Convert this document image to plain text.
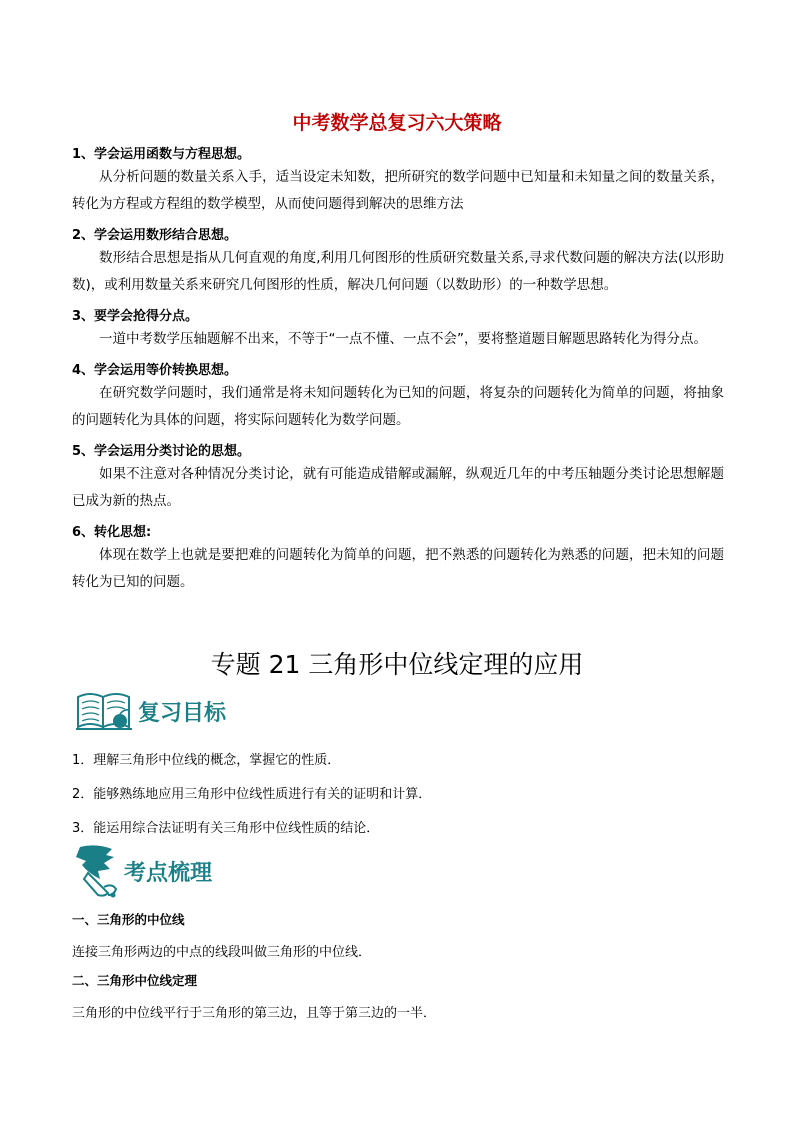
中考数学总复习六大策略
1、学会运用函数与方程思想。
从分析问题的数量关系入手，适当设定未知数，把所研究的数学问题中已知量和未知量之间的数量关系，转化为方程或方程组的数学模型，从而使问题得到解决的思维方法
2、学会运用数形结合思想。
数形结合思想是指从几何直观的角度,利用几何图形的性质研究数量关系,寻求代数问题的解决方法(以形助数)，或利用数量关系来研究几何图形的性质，解决几何问题（以数助形）的一种数学思想。
3、要学会抢得分点。
一道中考数学压轴题解不出来，不等于“一点不懂、一点不会”，要将整道题目解题思路转化为得分点。
4、学会运用等价转换思想。
在研究数学问题时，我们通常是将未知问题转化为已知的问题，将复杂的问题转化为简单的问题，将抽象的问题转化为具体的问题，将实际问题转化为数学问题。
5、学会运用分类讨论的思想。
如果不注意对各种情况分类讨论，就有可能造成错解或漏解，纵观近几年的中考压轴题分类讨论思想解题已成为新的热点。
6、转化思想:
体现在数学上也就是要把难的问题转化为简单的问题，把不熟悉的问题转化为熟悉的问题，把未知的问题转化为已知的问题。
专题 21 三角形中位线定理的应用
复习目标
1．理解三角形中位线的概念，掌握它的性质．
2．能够熟练地应用三角形中位线性质进行有关的证明和计算．
3．能运用综合法证明有关三角形中位线性质的结论．
考点梳理
一、三角形的中位线
连接三角形两边的中点的线段叫做三角形的中位线．
二、三角形中位线定理
三角形的中位线平行于三角形的第三边，且等于第三边的一半．
